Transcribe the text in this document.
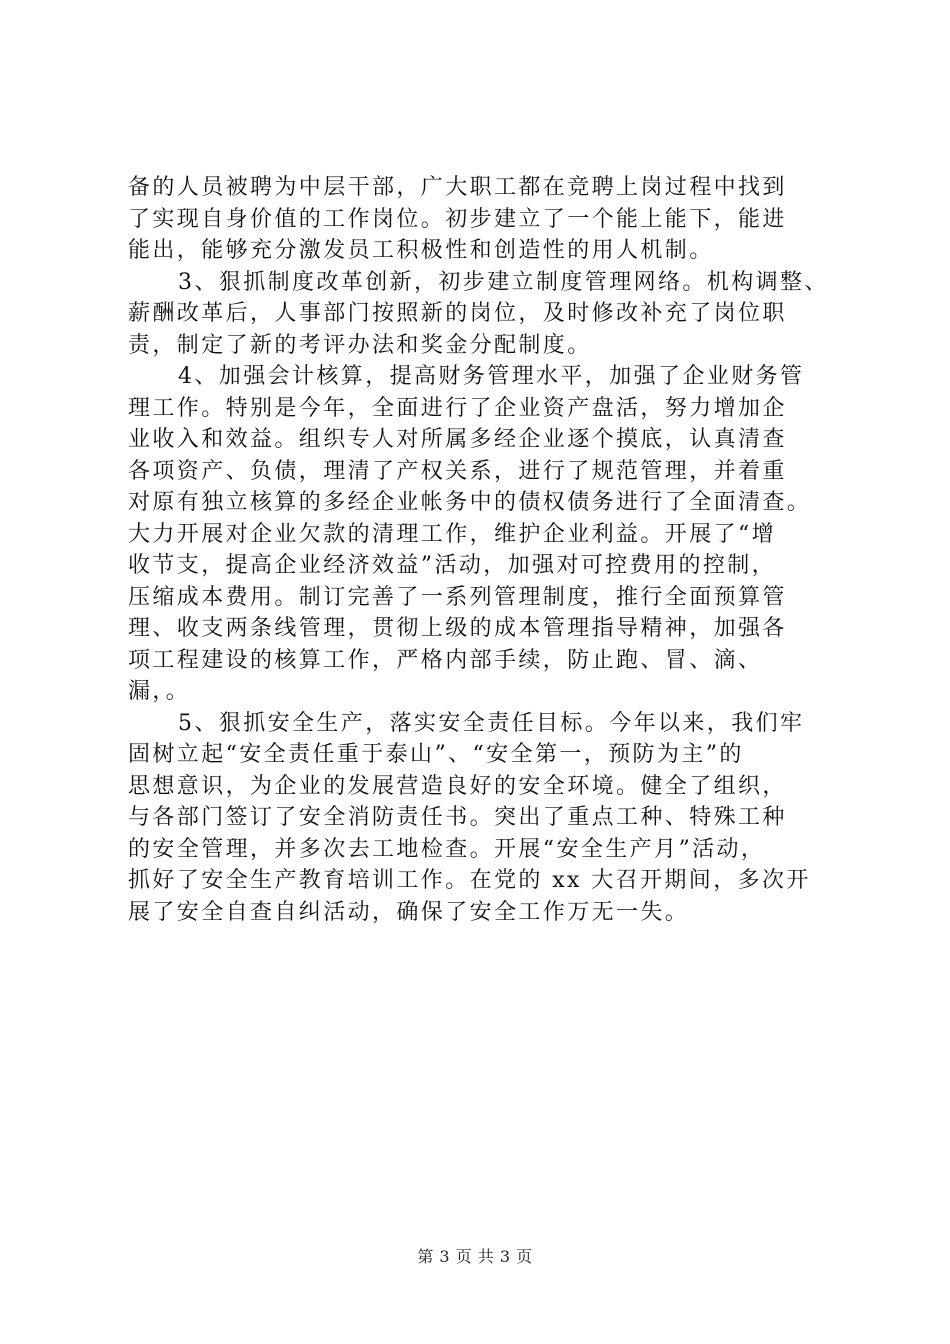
备的人员被聘为中层干部，广大职工都在竞聘上岗过程中找到
了实现自身价值的工作岗位。初步建立了一个能上能下，能进
能出，能够充分激发员工积极性和创造性的用人机制。
3、狠抓制度改革创新，初步建立制度管理网络。机构调整、
薪酬改革后，人事部门按照新的岗位，及时修改补充了岗位职
责，制定了新的考评办法和奖金分配制度。
4、加强会计核算，提高财务管理水平，加强了企业财务管
理工作。特别是今年，全面进行了企业资产盘活，努力增加企
业收入和效益。组织专人对所属多经企业逐个摸底，认真清查
各项资产、负债，理清了产权关系，进行了规范管理，并着重
对原有独立核算的多经企业帐务中的债权债务进行了全面清查。
大力开展对企业欠款的清理工作，维护企业利益。开展了“增
收节支，提高企业经济效益”活动，加强对可控费用的控制，
压缩成本费用。制订完善了一系列管理制度，推行全面预算管
理、收支两条线管理，贯彻上级的成本管理指导精神，加强各
项工程建设的核算工作，严格内部手续，防止跑、冒、滴、
漏，。
5、狠抓安全生产，落实安全责任目标。今年以来，我们牢
固树立起“安全责任重于泰山”、“安全第一，预防为主”的
思想意识，为企业的发展营造良好的安全环境。健全了组织，
与各部门签订了安全消防责任书。突出了重点工种、特殊工种
的安全管理，并多次去工地检查。开展“安全生产月”活动，
抓好了安全生产教育培训工作。在党的 xx 大召开期间，多次开
展了安全自查自纠活动，确保了安全工作万无一失。
第 3 页 共 3 页
